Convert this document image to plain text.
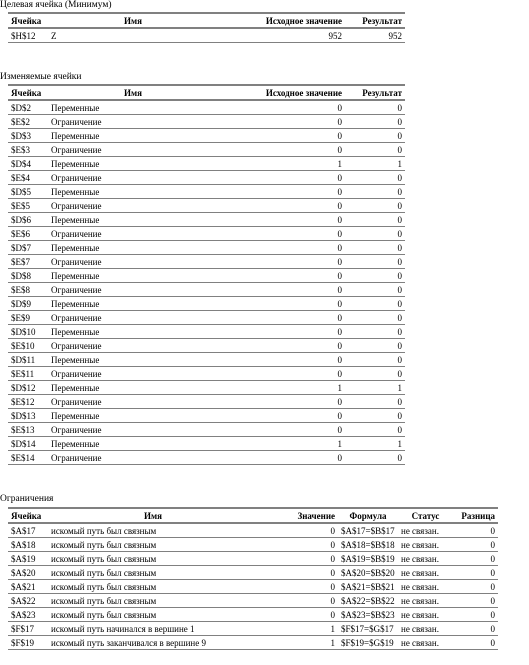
Целевая ячейка (Минимум)
Ячейка	Имя	Исходное значение	Результат
$H$12	Z	952	952
Изменяемые ячейки
Ячейка	Имя	Исходное значение	Результат
$D$2	Переменные	0	0
$E$2	Ограничение	0	0
$D$3	Переменные	0	0
$E$3	Ограничение	0	0
$D$4	Переменные	1	1
$E$4	Ограничение	0	0
$D$5	Переменные	0	0
$E$5	Ограничение	0	0
$D$6	Переменные	0	0
$E$6	Ограничение	0	0
$D$7	Переменные	0	0
$E$7	Ограничение	0	0
$D$8	Переменные	0	0
$E$8	Ограничение	0	0
$D$9	Переменные	0	0
$E$9	Ограничение	0	0
$D$10	Переменные	0	0
$E$10	Ограничение	0	0
$D$11	Переменные	0	0
$E$11	Ограничение	0	0
$D$12	Переменные	1	1
$E$12	Ограничение	0	0
$D$13	Переменные	0	0
$E$13	Ограничение	0	0
$D$14	Переменные	1	1
$E$14	Ограничение	0	0
Ограничения
Ячейка	Имя	Значение	Формула	Статус	Разница
$A$17	искомый путь был связным	0	$A$17=$B$17	не связан.	0
$A$18	искомый путь был связным	0	$A$18=$B$18	не связан.	0
$A$19	искомый путь был связным	0	$A$19=$B$19	не связан.	0
$A$20	искомый путь был связным	0	$A$20=$B$20	не связан.	0
$A$21	искомый путь был связным	0	$A$21=$B$21	не связан.	0
$A$22	искомый путь был связным	0	$A$22=$B$22	не связан.	0
$A$23	искомый путь был связным	0	$A$23=$B$23	не связан.	0
$F$17	искомый путь начинался в вершине 1	1	$F$17=$G$17	не связан.	0
$F$19	искомый путь заканчивался в вершине 9	1	$F$19=$G$19	не связан.	0
